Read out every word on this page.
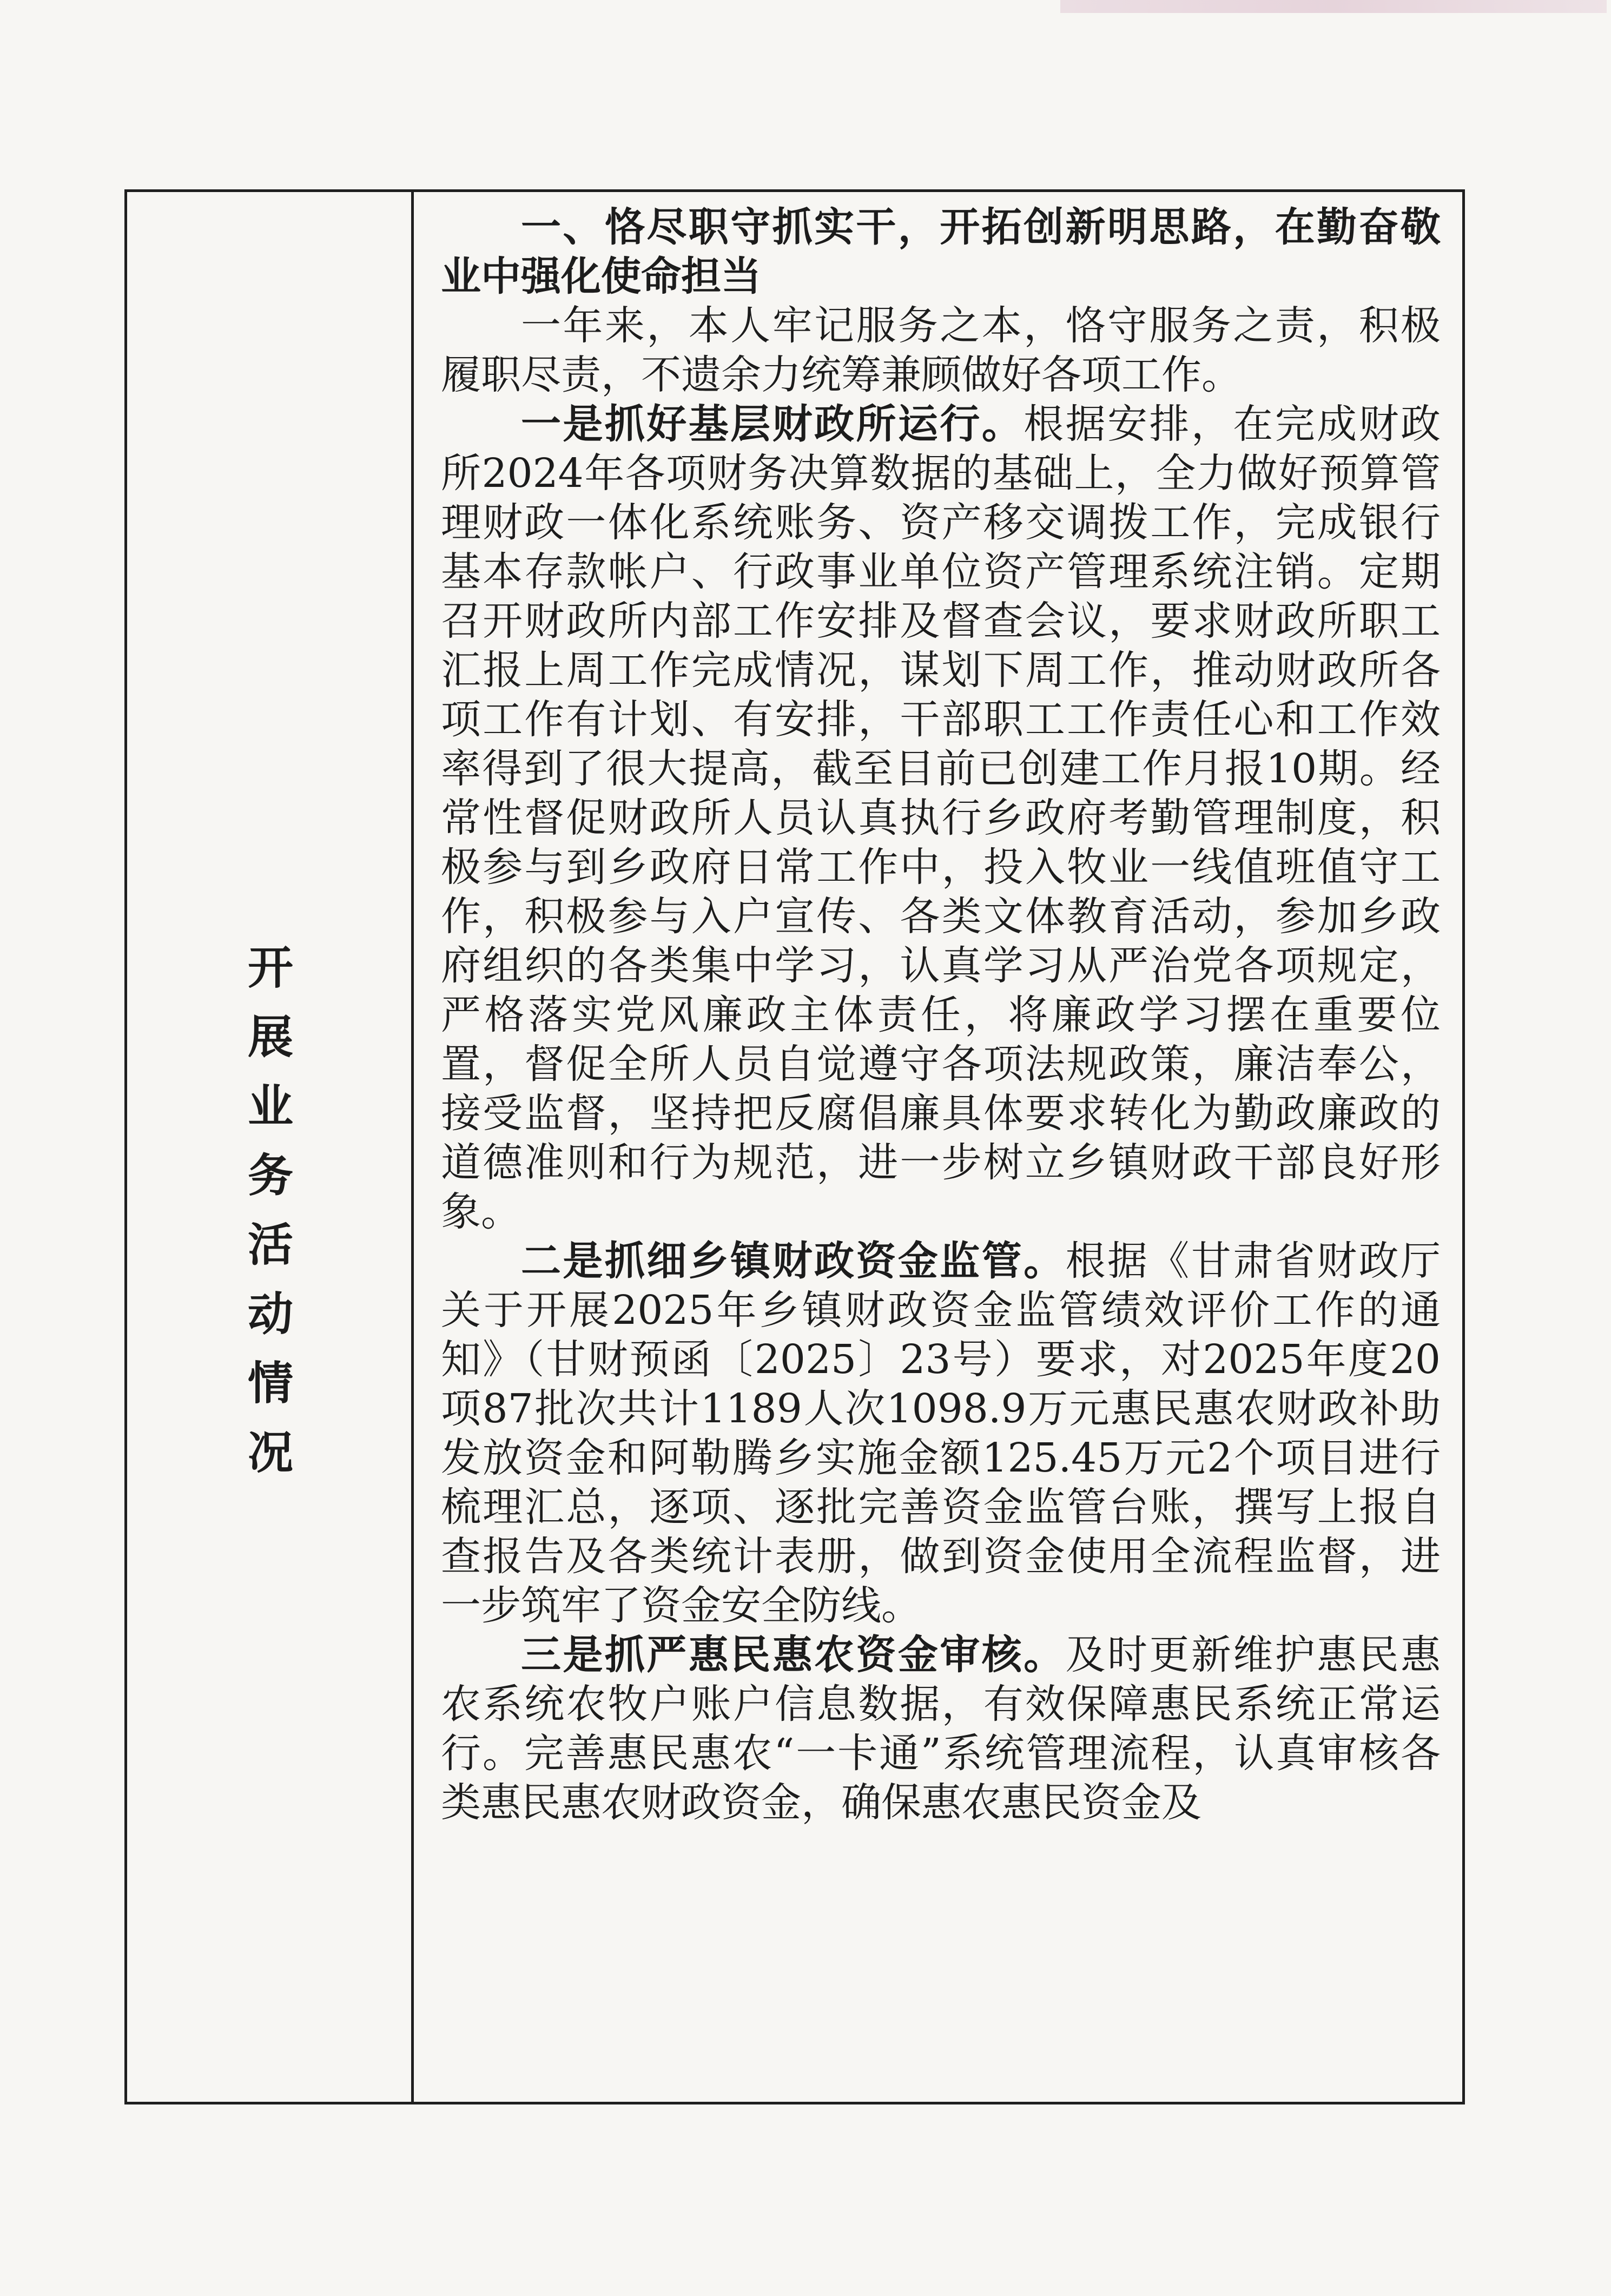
开展业务活动情况

一、恪尽职守抓实干，开拓创新明思路，在勤奋敬业中强化使命担当

一年来，本人牢记服务之本，恪守服务之责，积极履职尽责，不遗余力统筹兼顾做好各项工作。

一是抓好基层财政所运行。根据安排，在完成财政所2024年各项财务决算数据的基础上，全力做好预算管理财政一体化系统账务、资产移交调拨工作，完成银行基本存款帐户、行政事业单位资产管理系统注销。定期召开财政所内部工作安排及督查会议，要求财政所职工汇报上周工作完成情况，谋划下周工作，推动财政所各项工作有计划、有安排，干部职工工作责任心和工作效率得到了很大提高，截至目前已创建工作月报10期。经常性督促财政所人员认真执行乡政府考勤管理制度，积极参与到乡政府日常工作中，投入牧业一线值班值守工作，积极参与入户宣传、各类文体教育活动，参加乡政府组织的各类集中学习，认真学习从严治党各项规定，严格落实党风廉政主体责任，将廉政学习摆在重要位置，督促全所人员自觉遵守各项法规政策，廉洁奉公，接受监督，坚持把反腐倡廉具体要求转化为勤政廉政的道德准则和行为规范，进一步树立乡镇财政干部良好形象。

二是抓细乡镇财政资金监管。根据《甘肃省财政厅关于开展2025年乡镇财政资金监管绩效评价工作的通知》（甘财预函〔2025〕23号）要求，对2025年度20项87批次共计1189人次1098.9万元惠民惠农财政补助发放资金和阿勒腾乡实施金额125.45万元2个项目进行梳理汇总，逐项、逐批完善资金监管台账，撰写上报自查报告及各类统计表册，做到资金使用全流程监督，进一步筑牢了资金安全防线。

三是抓严惠民惠农资金审核。及时更新维护惠民惠农系统农牧户账户信息数据，有效保障惠民系统正常运行。完善惠民惠农“一卡通”系统管理流程，认真审核各类惠民惠农财政资金，确保惠农惠民资金及
